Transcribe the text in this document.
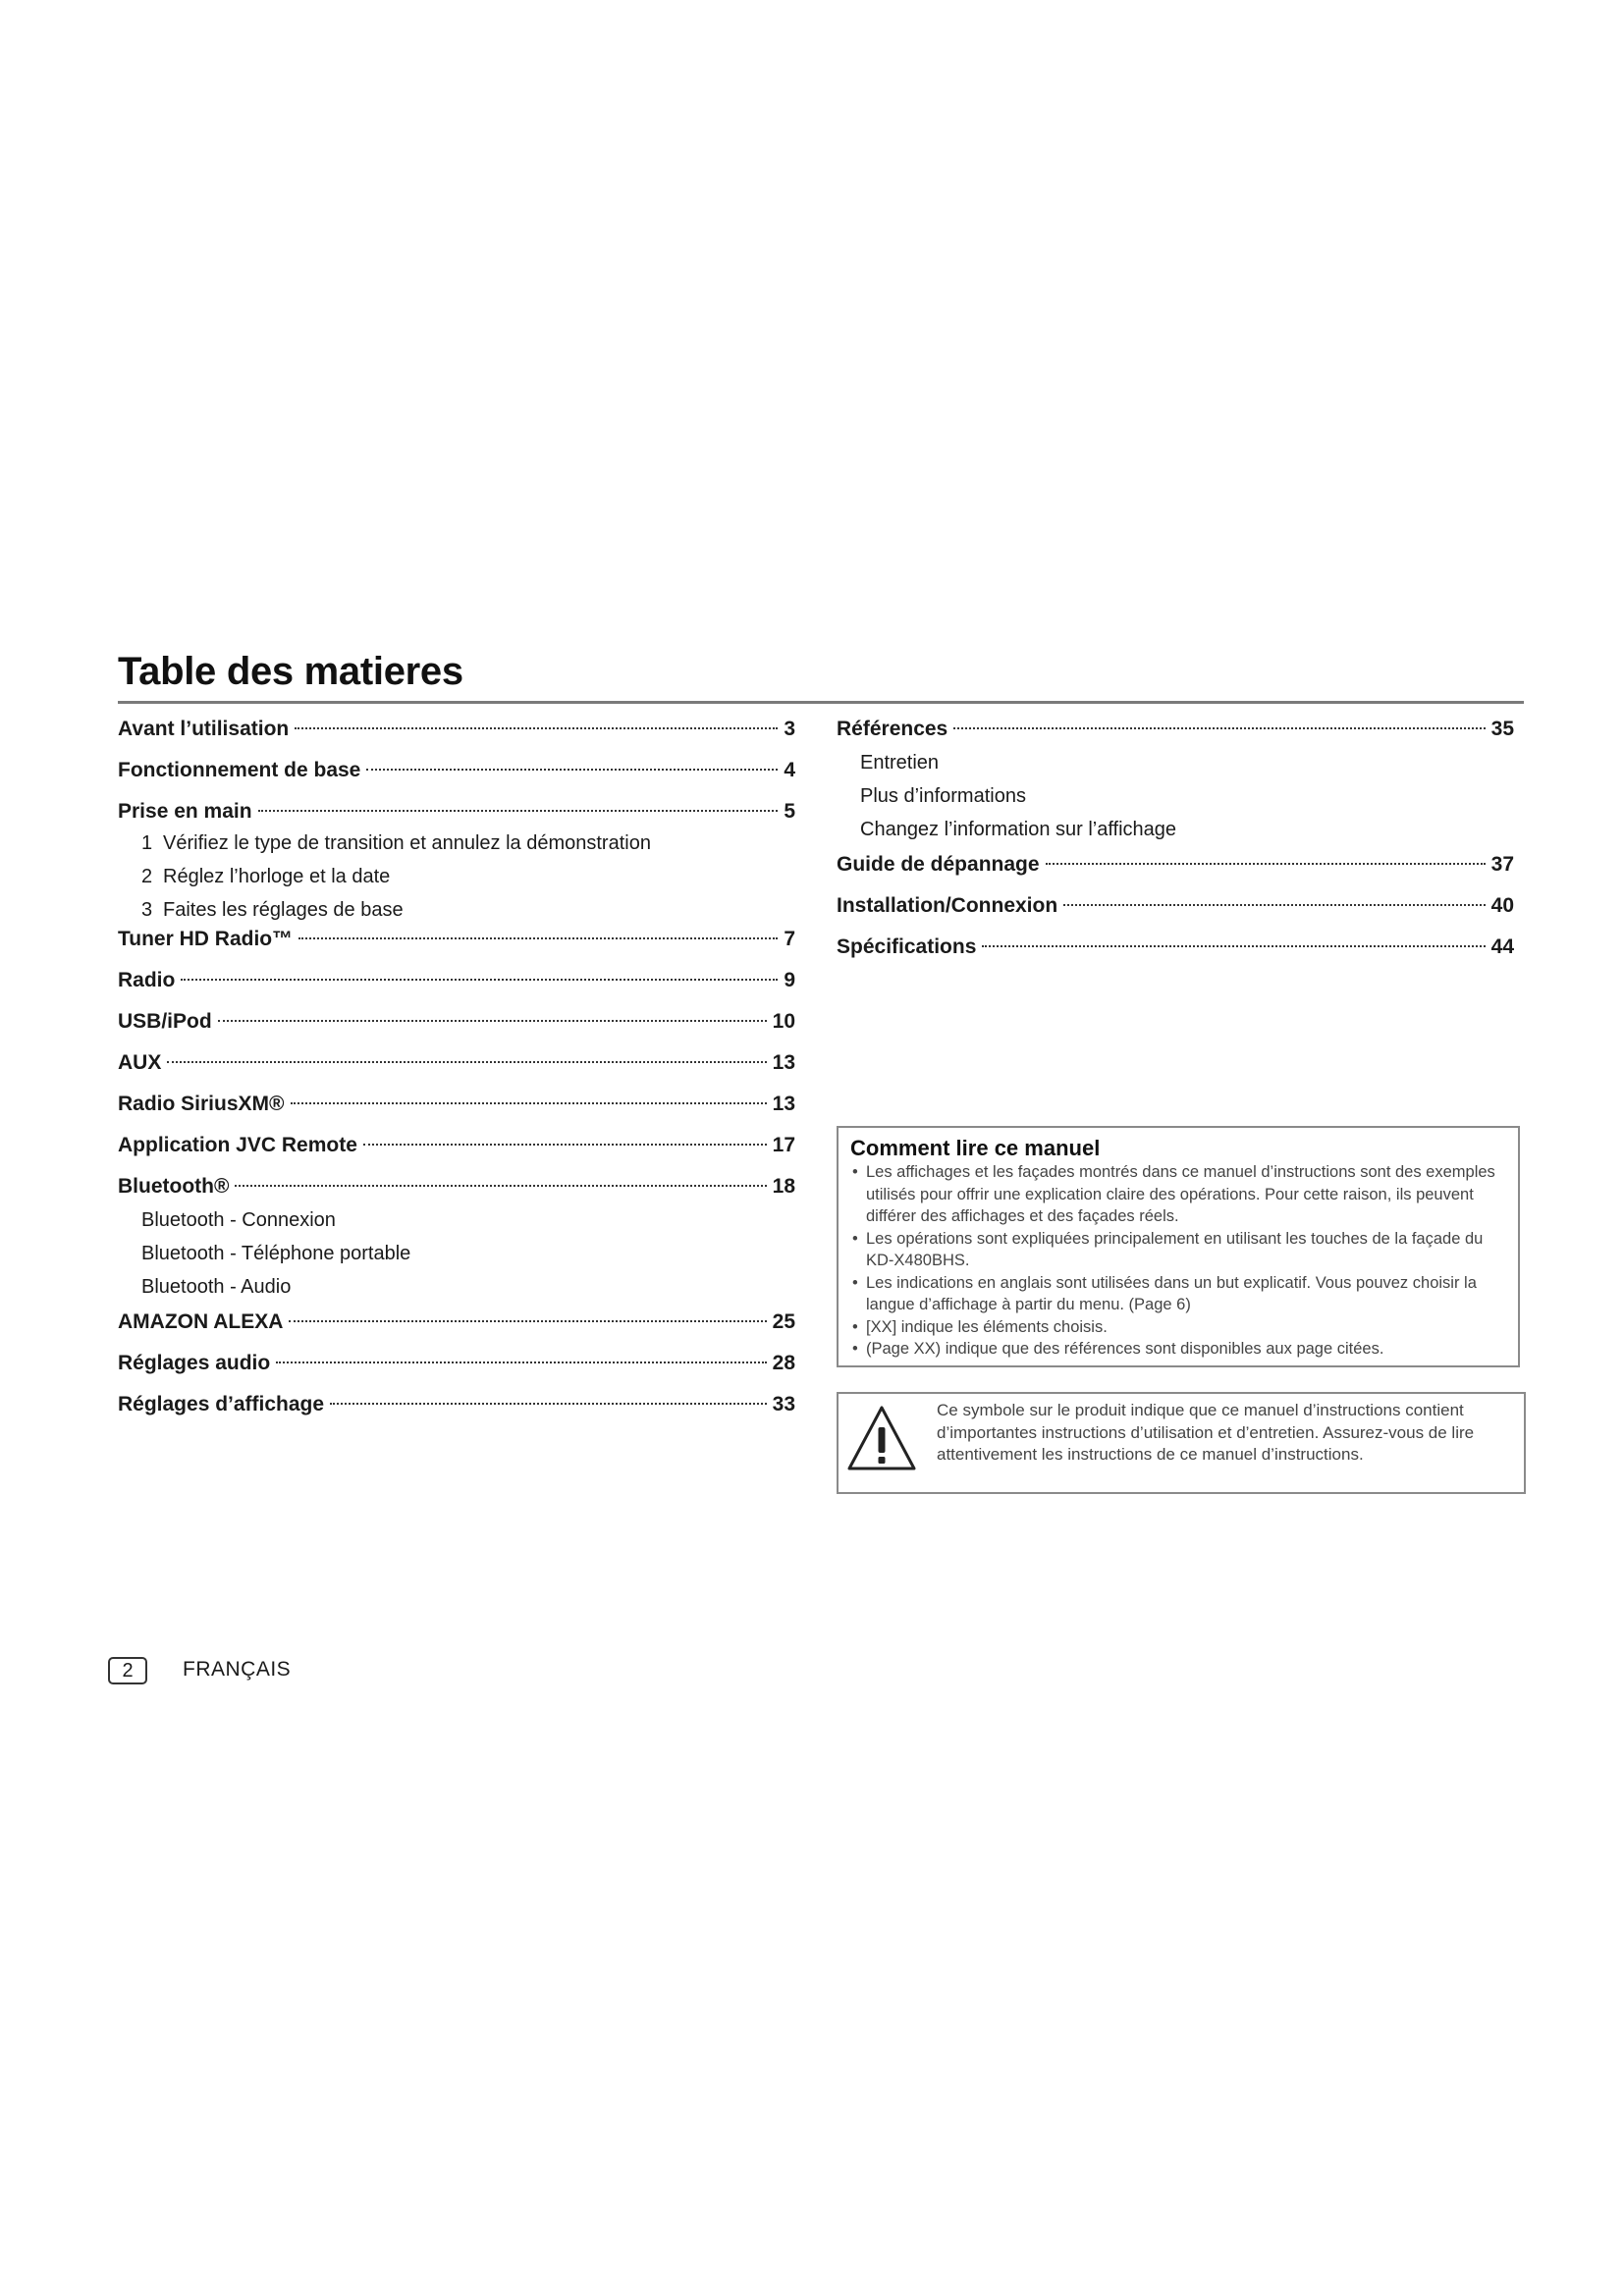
Table des matieres
Avant l’utilisation	3
Fonctionnement de base	4
Prise en main	5
1 Vérifiez le type de transition et annulez la démonstration
2 Réglez l’horloge et la date
3 Faites les réglages de base
Tuner HD Radio™	7
Radio	9
USB/iPod	10
AUX	13
Radio SiriusXM®	13
Application JVC Remote	17
Bluetooth®	18
Bluetooth - Connexion
Bluetooth - Téléphone portable
Bluetooth - Audio
AMAZON ALEXA	25
Réglages audio	28
Réglages d’affichage	33
Références	35
Entretien
Plus d’informations
Changez l’information sur l’affichage
Guide de dépannage	37
Installation/Connexion	40
Spécifications	44
Comment lire ce manuel
• Les affichages et les façades montrés dans ce manuel d’instructions sont des exemples utilisés pour offrir une explication claire des opérations. Pour cette raison, ils peuvent différer des affichages et des façades réels.
• Les opérations sont expliquées principalement en utilisant les touches de la façade du KD-X480BHS.
• Les indications en anglais sont utilisées dans un but explicatif. Vous pouvez choisir la langue d’affichage à partir du menu. (Page 6)
• [XX] indique les éléments choisis.
• (Page XX) indique que des références sont disponibles aux page citées.
Ce symbole sur le produit indique que ce manuel d’instructions contient d’importantes instructions d’utilisation et d’entretien. Assurez-vous de lire attentivement les instructions de ce manuel d’instructions.
2	FRANÇAIS
